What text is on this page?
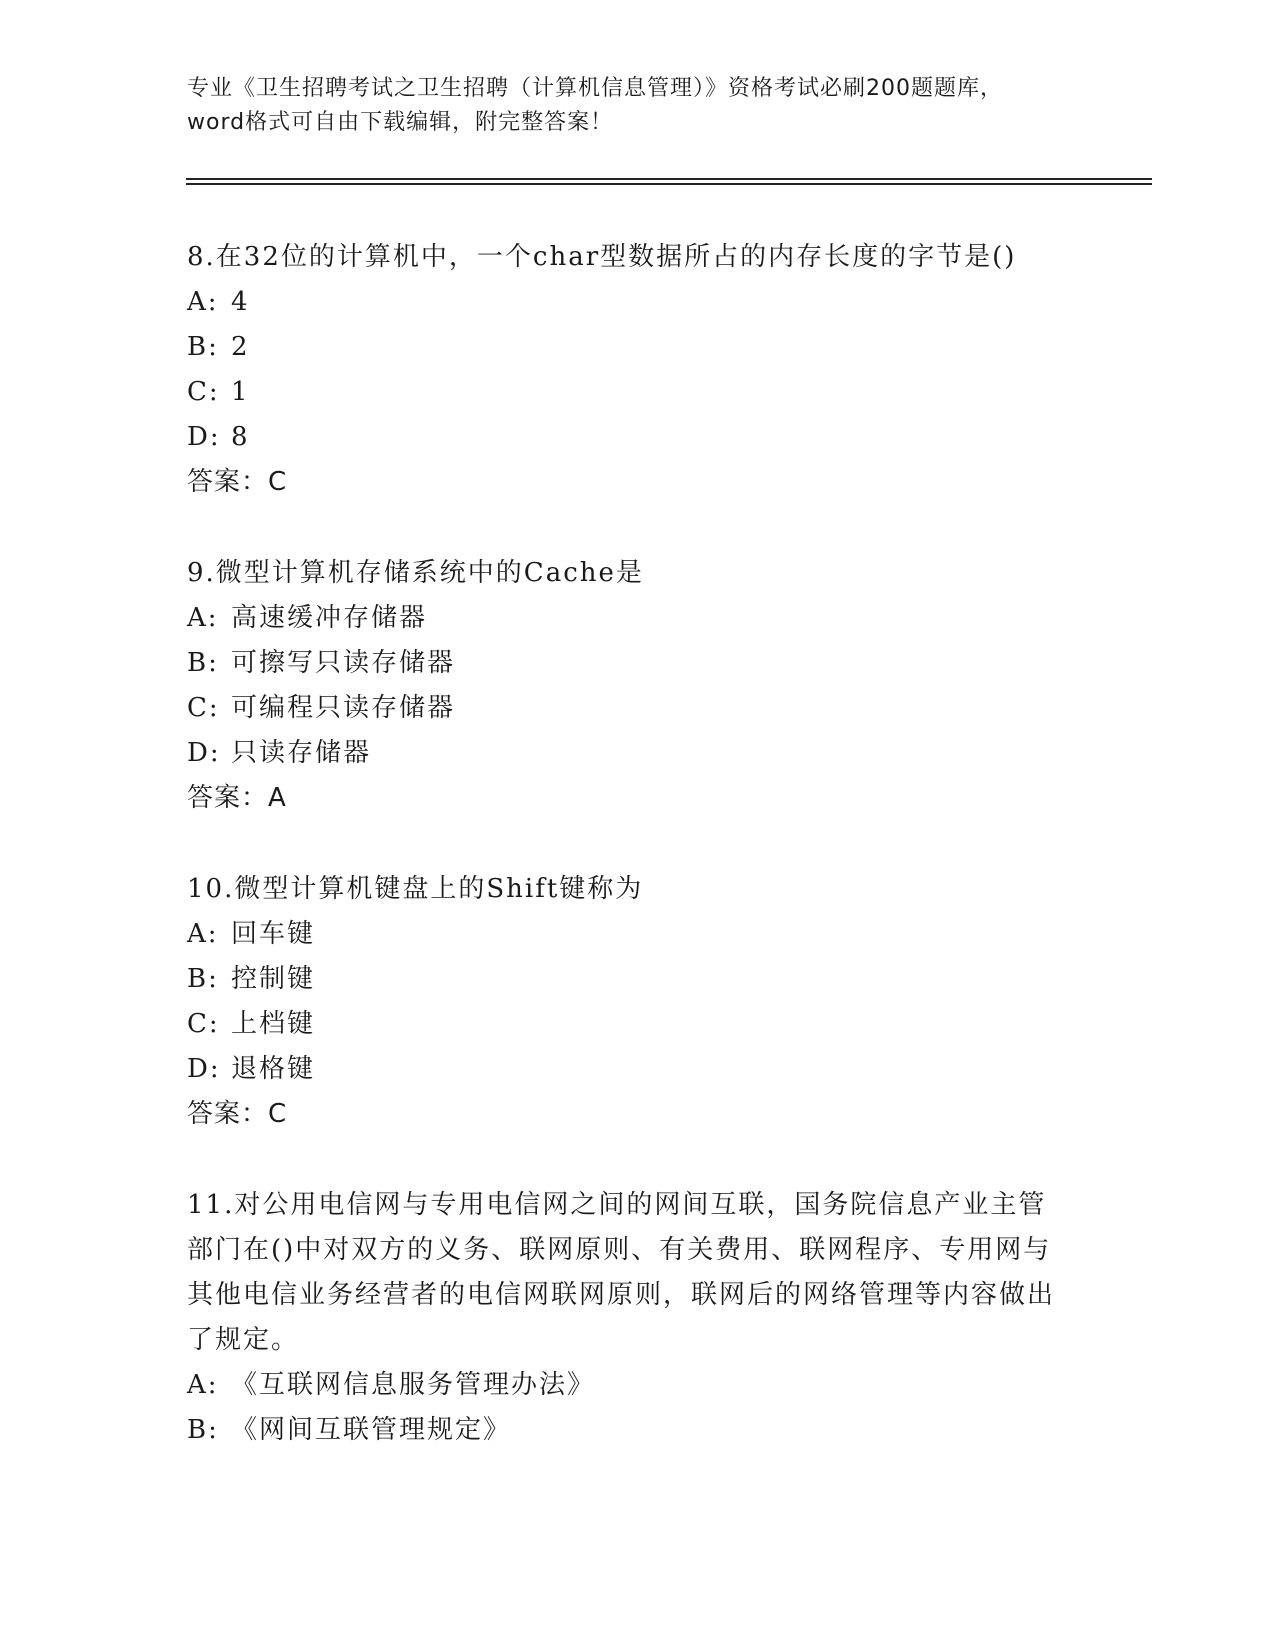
专业《卫生招聘考试之卫生招聘（计算机信息管理）》资格考试必刷200题题库，
word格式可自由下载编辑，附完整答案！

8.在32位的计算机中，一个char型数据所占的内存长度的字节是()

A: 4

B: 2

C: 1

D: 8

答案：C

9.微型计算机存储系统中的Cache是

A: 高速缓冲存储器

B: 可擦写只读存储器

C: 可编程只读存储器

D: 只读存储器

答案：A

10.微型计算机键盘上的Shift键称为

A: 回车键

B: 控制键

C: 上档键

D: 退格键

答案：C

11.对公用电信网与专用电信网之间的网间互联，国务院信息产业主管部门在()中对双方的义务、联网原则、有关费用、联网程序、专用网与其他电信业务经营者的电信网联网原则，联网后的网络管理等内容做出了规定。

A: 《互联网信息服务管理办法》

B: 《网间互联管理规定》
